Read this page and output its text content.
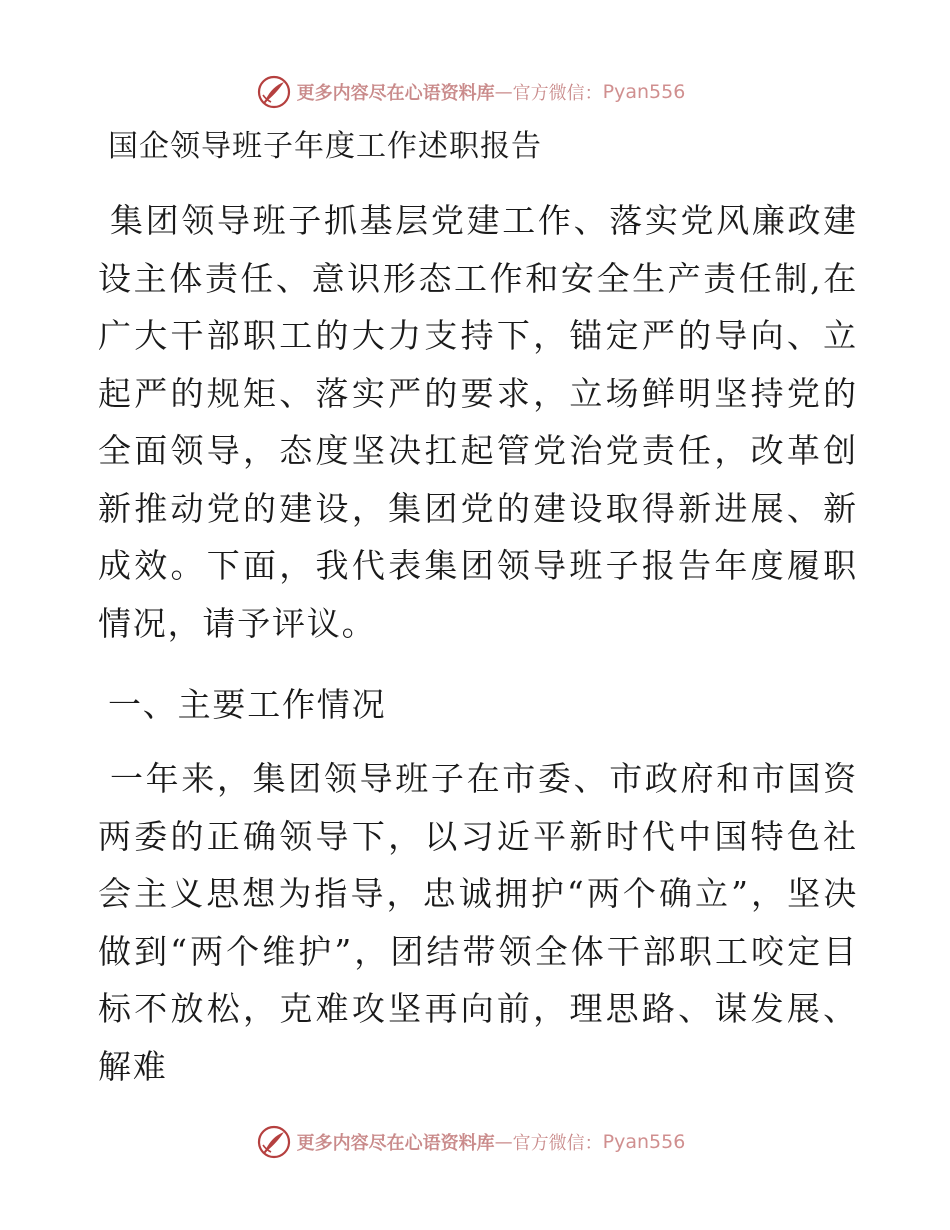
更多内容尽在心语资料库 — 官方微信： Pyan556
国企领导班子年度工作述职报告
集团领导班子抓基层党建工作、落实党风廉政建设主体责任、意识形态工作和安全生产责任制,在广大干部职工的大力支持下，锚定严的导向、立起严的规矩、落实严的要求，立场鲜明坚持党的全面领导，态度坚决扛起管党治党责任，改革创新推动党的建设，集团党的建设取得新进展、新成效。下面，我代表集团领导班子报告年度履职情况，请予评议。
一、主要工作情况
一年来，集团领导班子在市委、市政府和市国资两委的正确领导下，以习近平新时代中国特色社会主义思想为指导，忠诚拥护“两个确立”，坚决做到“两个维护”，团结带领全体干部职工咬定目标不放松，克难攻坚再向前，理思路、谋发展、解难
更多内容尽在心语资料库 — 官方微信： Pyan556
